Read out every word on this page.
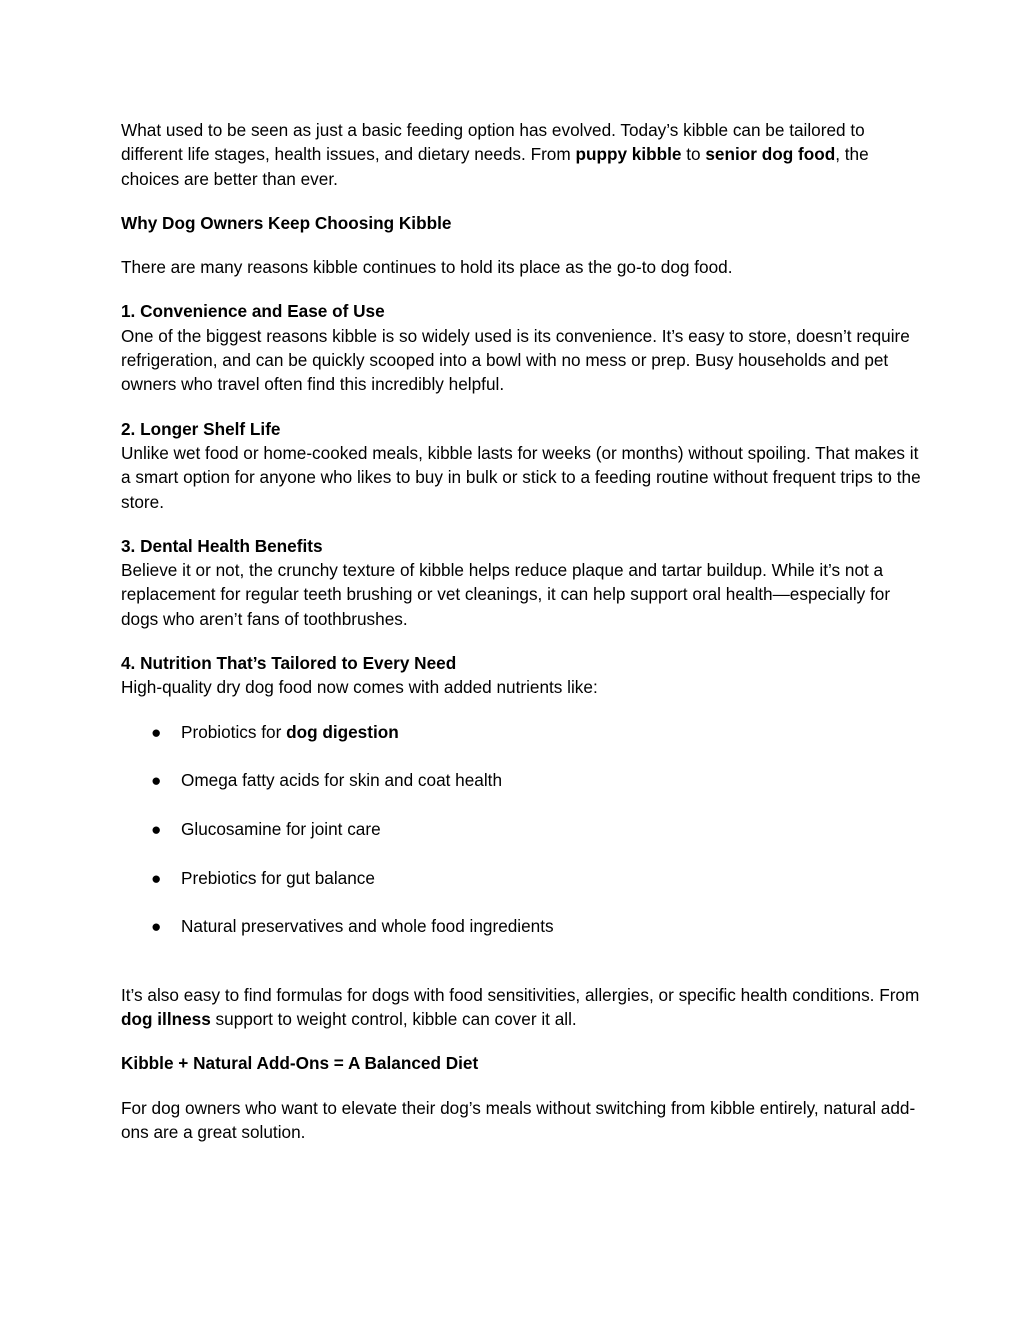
What used to be seen as just a basic feeding option has evolved. Today’s kibble can be tailored to different life stages, health issues, and dietary needs. From puppy kibble to senior dog food, the choices are better than ever.

Why Dog Owners Keep Choosing Kibble

There are many reasons kibble continues to hold its place as the go-to dog food.

1. Convenience and Ease of Use

One of the biggest reasons kibble is so widely used is its convenience. It’s easy to store, doesn’t require refrigeration, and can be quickly scooped into a bowl with no mess or prep. Busy households and pet owners who travel often find this incredibly helpful.

2. Longer Shelf Life

Unlike wet food or home-cooked meals, kibble lasts for weeks (or months) without spoiling. That makes it a smart option for anyone who likes to buy in bulk or stick to a feeding routine without frequent trips to the store.

3. Dental Health Benefits

Believe it or not, the crunchy texture of kibble helps reduce plaque and tartar buildup. While it’s not a replacement for regular teeth brushing or vet cleanings, it can help support oral health—especially for dogs who aren’t fans of toothbrushes.

4. Nutrition That’s Tailored to Every Need

High-quality dry dog food now comes with added nutrients like:

● Probiotics for dog digestion
● Omega fatty acids for skin and coat health
● Glucosamine for joint care
● Prebiotics for gut balance
● Natural preservatives and whole food ingredients

It’s also easy to find formulas for dogs with food sensitivities, allergies, or specific health conditions. From dog illness support to weight control, kibble can cover it all.

Kibble + Natural Add-Ons = A Balanced Diet

For dog owners who want to elevate their dog’s meals without switching from kibble entirely, natural add-ons are a great solution.
